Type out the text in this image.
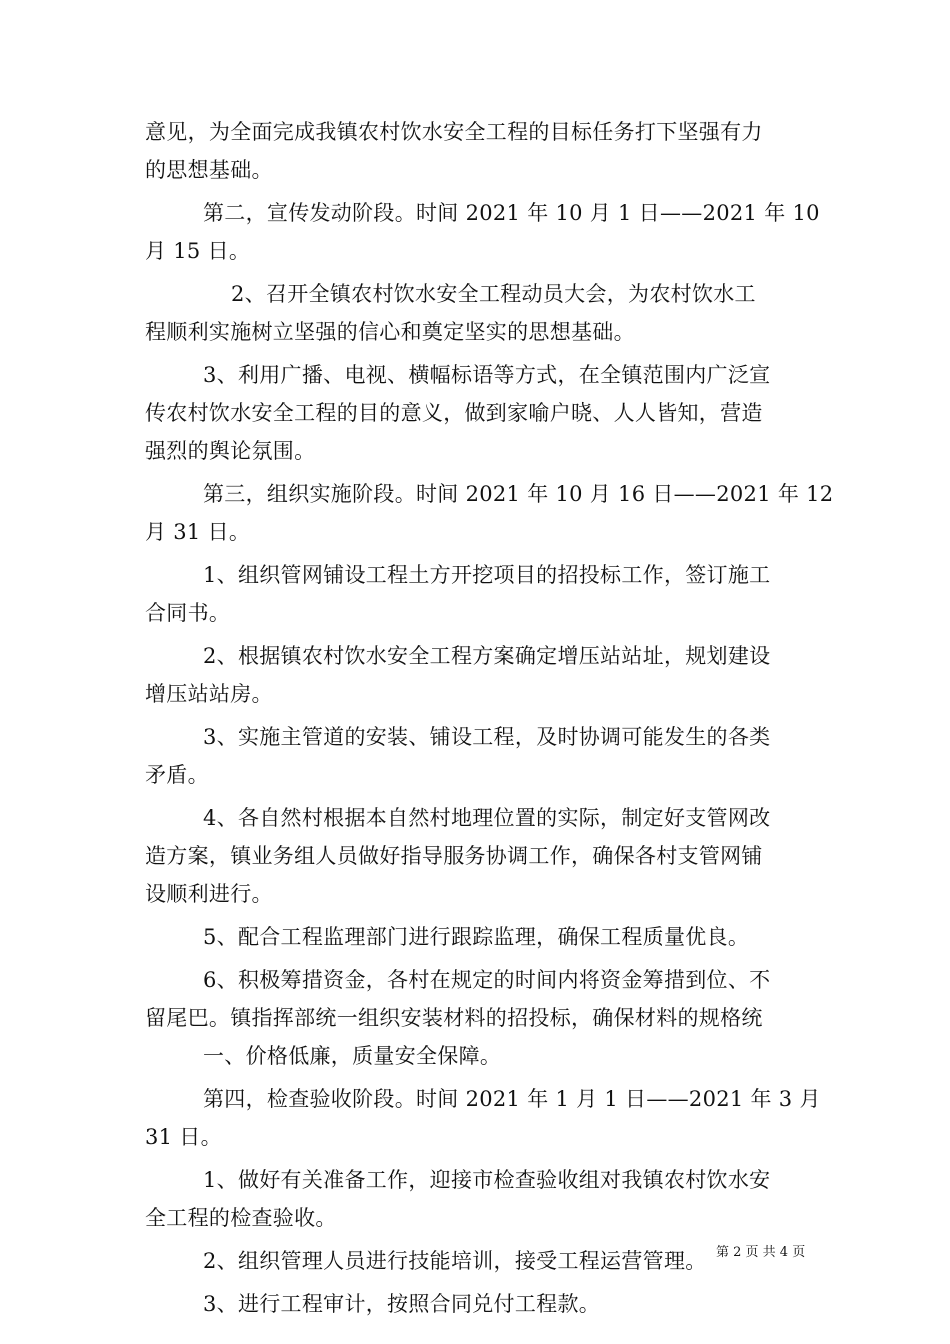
意见，为全面完成我镇农村饮水安全工程的目标任务打下坚强有力
的思想基础。
第二，宣传发动阶段。时间 2021 年 10 月 1 日——2021 年 10
月 15 日。
2、召开全镇农村饮水安全工程动员大会，为农村饮水工
程顺利实施树立坚强的信心和奠定坚实的思想基础。
3、利用广播、电视、横幅标语等方式，在全镇范围内广泛宣
传农村饮水安全工程的目的意义，做到家喻户晓、人人皆知，营造
强烈的舆论氛围。
第三，组织实施阶段。时间 2021 年 10 月 16 日——2021 年 12
月 31 日。
1、组织管网铺设工程土方开挖项目的招投标工作，签订施工
合同书。
2、根据镇农村饮水安全工程方案确定增压站站址，规划建设
增压站站房。
3、实施主管道的安装、铺设工程，及时协调可能发生的各类
矛盾。
4、各自然村根据本自然村地理位置的实际，制定好支管网改
造方案，镇业务组人员做好指导服务协调工作，确保各村支管网铺
设顺利进行。
5、配合工程监理部门进行跟踪监理，确保工程质量优良。
6、积极筹措资金，各村在规定的时间内将资金筹措到位、不
留尾巴。镇指挥部统一组织安装材料的招投标，确保材料的规格统
一、价格低廉，质量安全保障。
第四，检查验收阶段。时间 2021 年 1 月 1 日——2021 年 3 月
31 日。
1、做好有关准备工作，迎接市检查验收组对我镇农村饮水安
全工程的检查验收。
2、组织管理人员进行技能培训，接受工程运营管理。
3、进行工程审计，按照合同兑付工程款。
第 2 页 共 4 页
